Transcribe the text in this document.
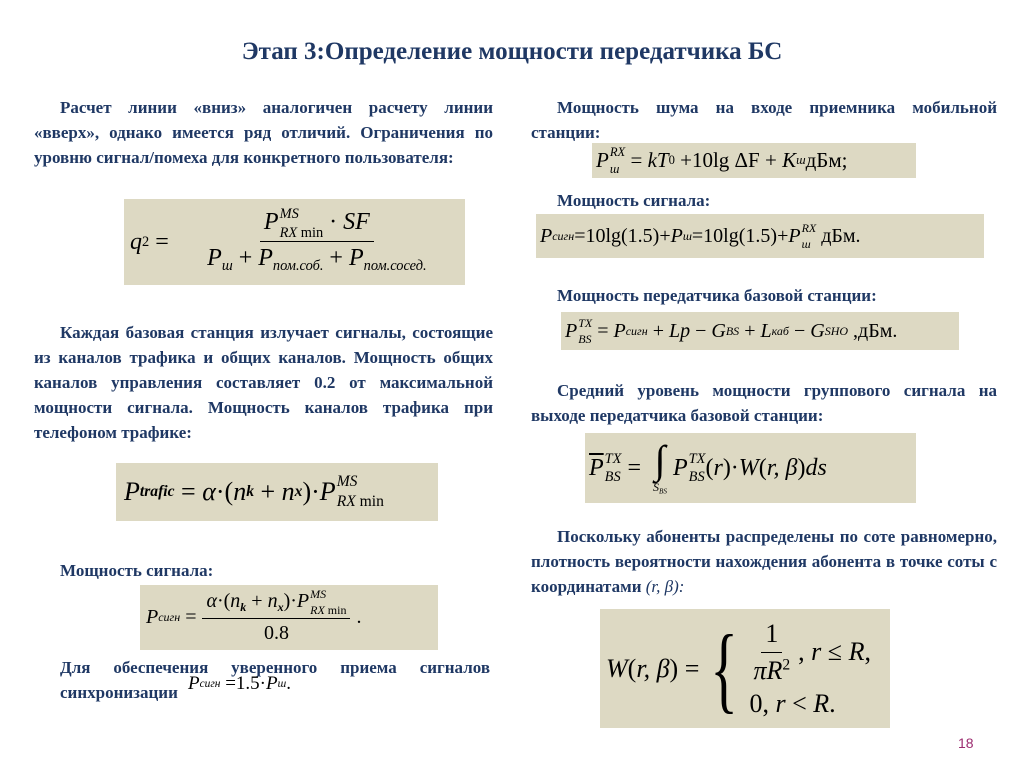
Этап 3:Определение мощности передатчика БС
Расчет линии «вниз» аналогичен расчету линии «вверх», однако имеется ряд отличий. Ограничения по уровню сигнал/помеха для конкретного пользователя:
q 2
= P MS
RX min · SF
$P_ш + P_{пом.соб.} + P_{пом.сосед.}$
Каждая базовая станция излучает сигналы, состоящие из каналов трафика и общих каналов. Мощность общих каналов управления составляет 0.2 от максимальной мощности сигнала. Мощность каналов трафика при телефоном трафике:
P trafic
= α ·( n k
+ n x )· P MS
RX min
Мощность сигнала:
P сигн
= $\alpha\cdot(n_k + n_x)\cdot P$ MS
RX min
0.8 .
Для обеспечения уверенного приема сигналов синхронизации P сигн
=1.5· P ш .
Мощность шума на входе приемника мобильной станции:
P RX
ш
= kT 0
+10lg ΔF + K ш дБм;
Мощность сигнала:
P сигн =10lg(1.5)+ P ш =10lg(1.5)+ P RX
ш
дБм.
Мощность передатчика базовой станции:
P TX
BS
= P сигн
+ Lp − G BS
+ L каб
− G SHO
,дБм.
Средний уровень мощности группового сигнала на выходе передатчика базовой станции:
$\overline{P}$ TX
BS
=
∫
$S_{BS}$
P TX
BS ( r )· W ( r, β ) ds
Поскольку абоненты распределены по соте равномерно, плотность вероятности нахождения абонента в точке соты с координатами (r, β):
W ( r, β )
= { $\frac{1}{\pi R^2}$ , r ≤ R ,
0, r < R.
18
